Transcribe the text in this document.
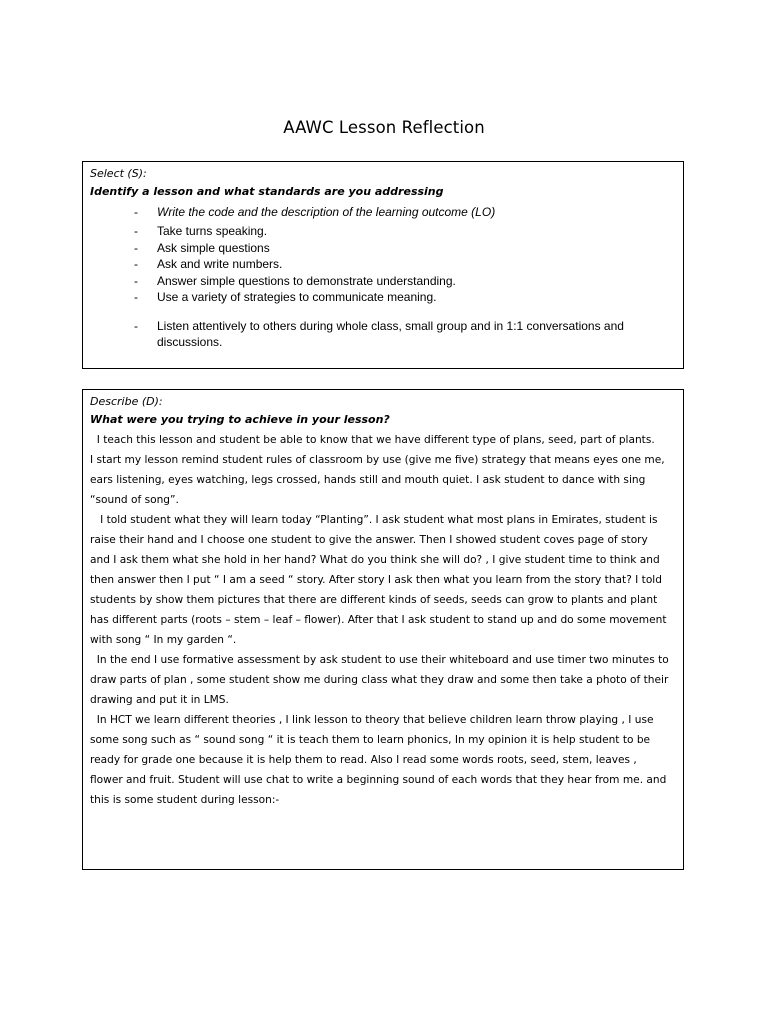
AAWC Lesson Reflection
Select (S):
Identify a lesson and what standards are you addressing
- Write the code and the description of the learning outcome (LO)
- Take turns speaking.
- Ask simple questions
- Ask and write numbers.
- Answer simple questions to demonstrate understanding.
- Use a variety of strategies to communicate meaning.
- Listen attentively to others during whole class, small group and in 1:1 conversations and discussions.
Describe (D):
What were you trying to achieve in your lesson?

I teach this lesson and student be able to know that we have different type of plans, seed, part of plants.

I start my lesson remind student rules of classroom by use (give me five) strategy that means eyes one me, ears listening, eyes watching, legs crossed, hands still and mouth quiet. I ask student to dance with sing “sound of song”.

I told student what they will learn today “Planting”. I ask student what most plans in Emirates, student is raise their hand and I choose one student to give the answer. Then I showed student coves page of story and I ask them what she hold in her hand? What do you think she will do? , I give student time to think and then answer then I put “ I am a seed “ story. After story I ask then what you learn from the story that? I told students by show them pictures that there are different kinds of seeds, seeds can grow to plants and plant has different parts (roots – stem – leaf – flower). After that I ask student to stand up and do some movement with song “ In my garden “.

In the end I use formative assessment by ask student to use their whiteboard and use timer two minutes to draw parts of plan , some student show me during class what they draw and some then take a photo of their drawing and put it in LMS.

In HCT we learn different theories , I link lesson to theory that believe children learn throw playing , I use some song such as “ sound song “ it is teach them to learn phonics, In my opinion it is help student to be ready for grade one because it is help them to read. Also I read some words roots, seed, stem, leaves , flower and fruit. Student will use chat to write a beginning sound of each words that they hear from me. and this is some student during lesson:-
